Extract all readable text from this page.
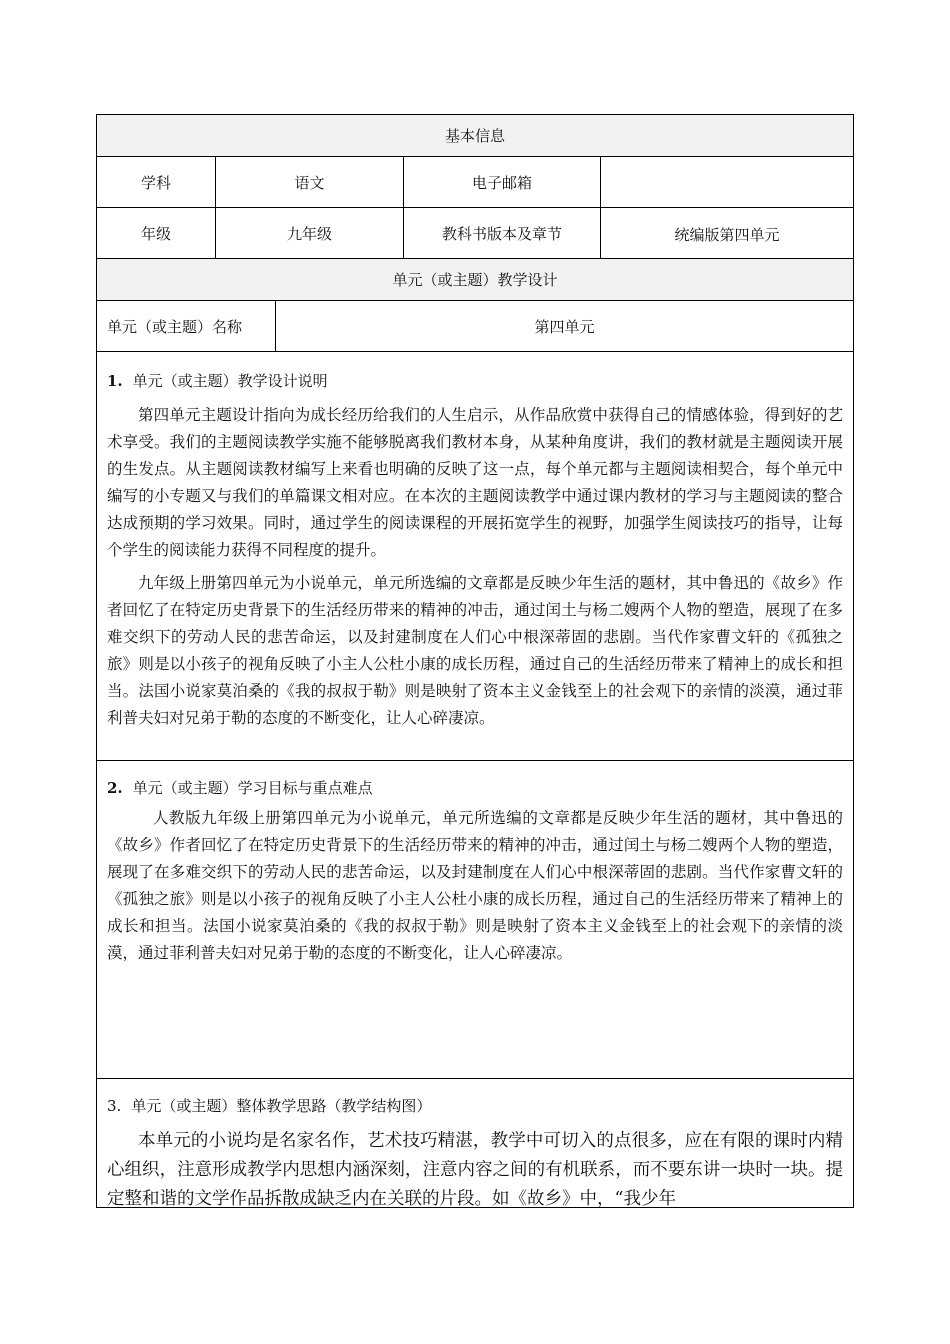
基本信息
学科	语文	电子邮箱
年级	九年级	教科书版本及章节	统编版第四单元
单元（或主题）教学设计
单元（或主题）名称	第四单元
1. 单元（或主题）教学设计说明

第四单元主题设计指向为成长经历给我们的人生启示，从作品欣赏中获得自己的情感体验，得到好的艺术享受。我们的主题阅读教学实施不能够脱离我们教材本身，从某种角度讲，我们的教材就是主题阅读开展的生发点。从主题阅读教材编写上来看也明确的反映了这一点，每个单元都与主题阅读相契合，每个单元中编写的小专题又与我们的单篇课文相对应。在本次的主题阅读教学中通过课内教材的学习与主题阅读的整合达成预期的学习效果。同时，通过学生的阅读课程的开展拓宽学生的视野，加强学生阅读技巧的指导，让每个学生的阅读能力获得不同程度的提升。

九年级上册第四单元为小说单元，单元所选编的文章都是反映少年生活的题材，其中鲁迅的《故乡》作者回忆了在特定历史背景下的生活经历带来的精神的冲击，通过闰土与杨二嫂两个人物的塑造，展现了在多难交织下的劳动人民的悲苦命运，以及封建制度在人们心中根深蒂固的悲剧。当代作家曹文轩的《孤独之旅》则是以小孩子的视角反映了小主人公杜小康的成长历程，通过自己的生活经历带来了精神上的成长和担当。法国小说家莫泊桑的《我的叔叔于勒》则是映射了资本主义金钱至上的社会观下的亲情的淡漠，通过菲利普夫妇对兄弟于勒的态度的不断变化，让人心碎凄凉。

2. 单元（或主题）学习目标与重点难点

人教版九年级上册第四单元为小说单元，单元所选编的文章都是反映少年生活的题材，其中鲁迅的《故乡》作者回忆了在特定历史背景下的生活经历带来的精神的冲击，通过闰土与杨二嫂两个人物的塑造，展现了在多难交织下的劳动人民的悲苦命运，以及封建制度在人们心中根深蒂固的悲剧。当代作家曹文轩的《孤独之旅》则是以小孩子的视角反映了小主人公杜小康的成长历程，通过自己的生活经历带来了精神上的成长和担当。法国小说家莫泊桑的《我的叔叔于勒》则是映射了资本主义金钱至上的社会观下的亲情的淡漠，通过菲利普夫妇对兄弟于勒的态度的不断变化，让人心碎凄凉。

3. 单元（或主题）整体教学思路（教学结构图）

本单元的小说均是名家名作，艺术技巧精湛，教学中可切入的点很多，应在有限的课时内精心组织，注意形成教学内思想内涵深刻，注意内容之间的有机联系，而不要东讲一块时一块。提定整和谐的文学作品拆散成缺乏内在关联的片段。如《故乡》中，“我少年
